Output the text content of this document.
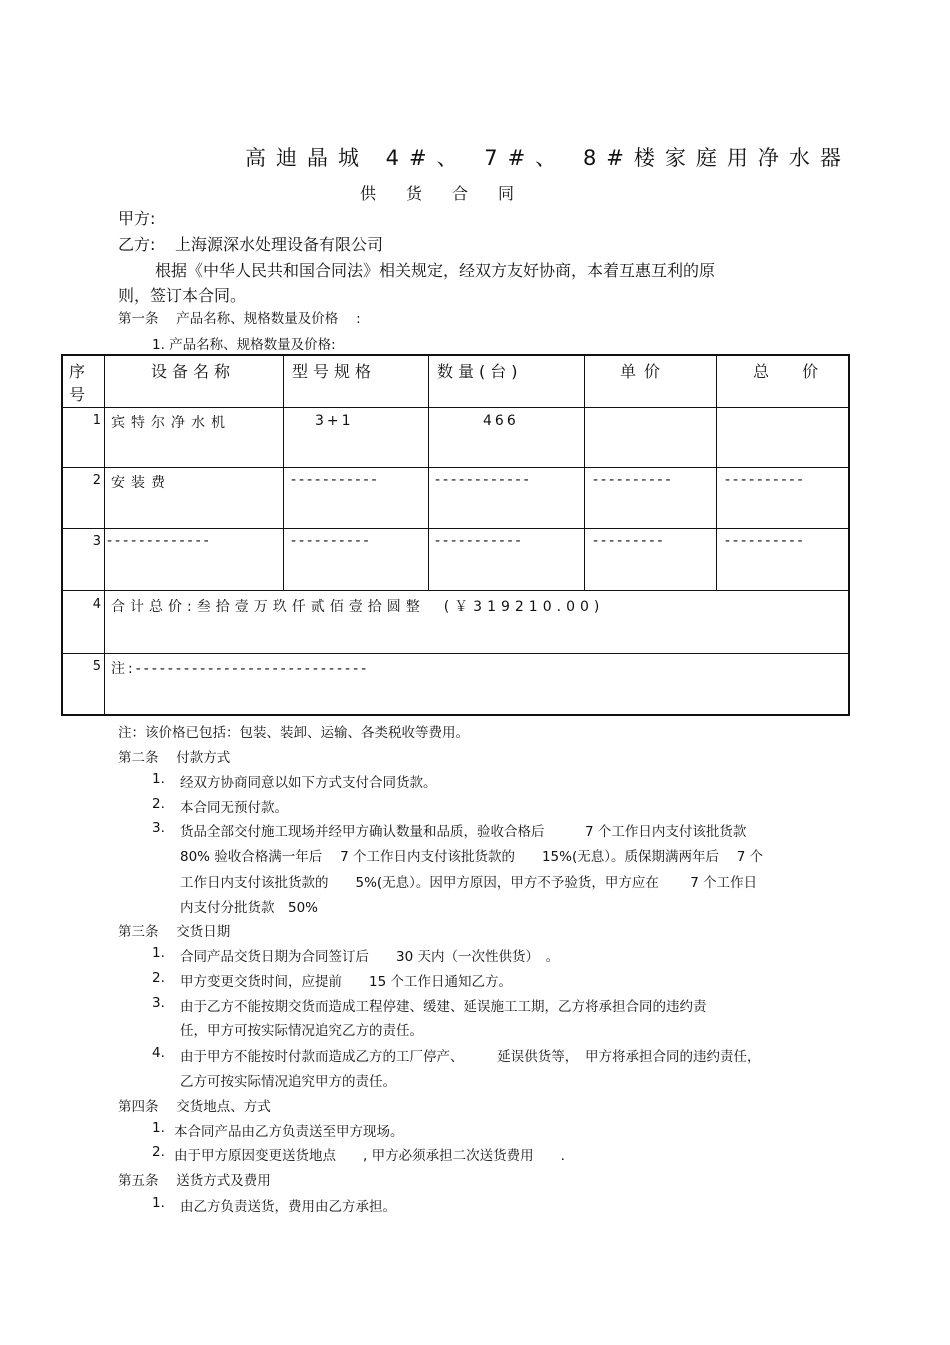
高迪晶城 4#、 7#、 8#楼家庭用净水器
供货合同
甲方:
乙方: 上海源深水处理设备有限公司
根据《中华人民共和国合同法》相关规定，经双方友好协商，本着互惠互利的原
则，签订本合同。
第一条　 产品名称、规格数量及价格　 :
1. 产品名称、规格数量及价格:
序
号
设备名称	型号规格	数量(台)	单价	总 价
1 宾特尔净水机	3+1	466
2 安装费	-----------	------------	----------	----------
3 -------------	----------	-----------	---------	----------
4 合计总价:叁拾壹万玖仟贰佰壹拾圆整　(￥319210.00)
5 注:-----------------------------
注：该价格已包括：包装、装卸、运输、各类税收等费用。
第二条　 付款方式
1. 经双方协商同意以如下方式支付合同货款。
2. 本合同无预付款。
3. 货品全部交付施工现场并经甲方确认数量和品质，验收合格后　　　7 个工作日内支付该批货款
80% 验收合格满一年后　 7 个工作日内支付该批货款的　　15%(无息）。质保期满两年后　 7 个
工作日内支付该批货款的　　5%(无息）。因甲方原因，甲方不予验货，甲方应在　　 7 个工作日
内支付分批货款　50%
第三条　 交货日期
1. 合同产品交货日期为合同签订后　　30 天内（一次性供货）　。
2. 甲方变更交货时间，应提前　　15 个工作日通知乙方。
3. 由于乙方不能按期交货而造成工程停建、缓建、延误施工工期，乙方将承担合同的违约责
任，甲方可按实际情况追究乙方的责任。
4. 由于甲方不能按时付款而造成乙方的工厂停产、　　　延误供货等，　甲方将承担合同的违约责任，
乙方可按实际情况追究甲方的责任。
第四条　 交货地点、方式
1. 本合同产品由乙方负责送至甲方现场。
2. 由于甲方原因变更送货地点　　, 甲方必须承担二次送货费用　　.
第五条　 送货方式及费用
1. 由乙方负责送货，费用由乙方承担。
